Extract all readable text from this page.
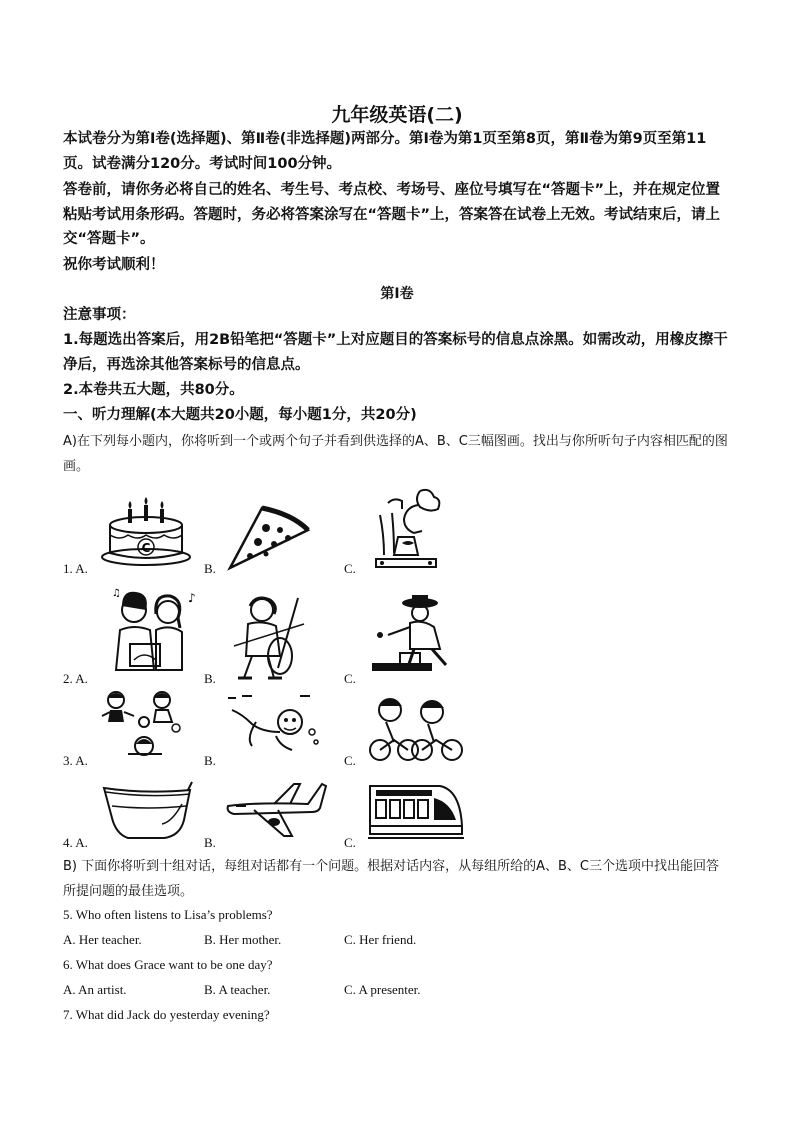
九年级英语(二)
本试卷分为第Ⅰ卷(选择题)、第Ⅱ卷(非选择题)两部分。第Ⅰ卷为第1页至第8页，第Ⅱ卷为第9页至第11页。试卷满分120分。考试时间100分钟。
答卷前，请你务必将自己的姓名、考生号、考点校、考场号、座位号填写在“答题卡”上，并在规定位置粘贴考试用条形码。答题时，务必将答案涂写在“答题卡”上，答案答在试卷上无效。考试结束后，请上交“答题卡”。
祝你考试顺利！
第Ⅰ卷
注意事项：
1.每题选出答案后，用2B铅笔把“答题卡”上对应题目的答案标号的信息点涂黑。如需改动，用橡皮擦干净后，再选涂其他答案标号的信息点。
2.本卷共五大题，共80分。
一、听力理解(本大题共20小题，每小题1分，共20分)
A)在下列每小题内，你将听到一个或两个句子并看到供选择的A、B、C三幅图画。找出与你所听句子内容相匹配的图画。
1. A.	B.	C.
C
2. A.	B.	C.
♫	♪
3. A.	B.	C.
4. A.	B.	C.
B) 下面你将听到十组对话，每组对话都有一个问题。根据对话内容，从每组所给的A、B、C三个选项中找出能回答所提问题的最佳选项。
5. Who often listens to Lisa’s problems?
A. Her teacher.	B. Her mother.	C. Her friend.
6. What does Grace want to be one day?
A. An artist.	B. A teacher.	C. A presenter.
7. What did Jack do yesterday evening?
